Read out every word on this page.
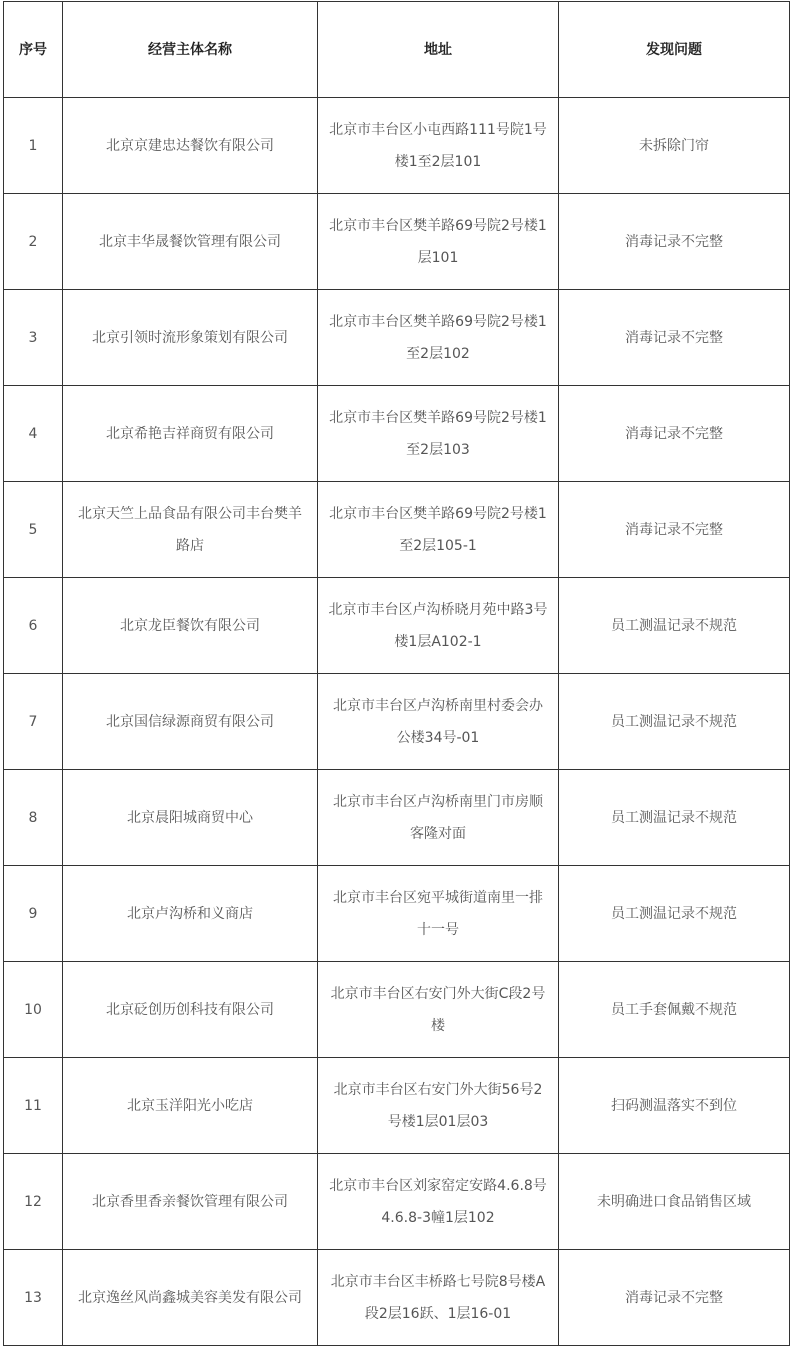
序号	经营主体名称	地址	发现问题
1	北京京建忠达餐饮有限公司	北京市丰台区小屯西路111号院1号楼1至2层101	未拆除门帘
2	北京丰华晟餐饮管理有限公司	北京市丰台区樊羊路69号院2号楼1层101	消毒记录不完整
3	北京引领时流形象策划有限公司	北京市丰台区樊羊路69号院2号楼1至2层102	消毒记录不完整
4	北京希艳吉祥商贸有限公司	北京市丰台区樊羊路69号院2号楼1至2层103	消毒记录不完整
5	北京天竺上品食品有限公司丰台樊羊路店	北京市丰台区樊羊路69号院2号楼1至2层105-1	消毒记录不完整
6	北京龙臣餐饮有限公司	北京市丰台区卢沟桥晓月苑中路3号楼1层A102-1	员工测温记录不规范
7	北京国信绿源商贸有限公司	北京市丰台区卢沟桥南里村委会办公楼34号-01	员工测温记录不规范
8	北京晨阳城商贸中心	北京市丰台区卢沟桥南里门市房顺客隆对面	员工测温记录不规范
9	北京卢沟桥和义商店	北京市丰台区宛平城街道南里一排十一号	员工测温记录不规范
10	北京砭创历创科技有限公司	北京市丰台区右安门外大街C段2号楼	员工手套佩戴不规范
11	北京玉洋阳光小吃店	北京市丰台区右安门外大街56号2号楼1层01层03	扫码测温落实不到位
12	北京香里香亲餐饮管理有限公司	北京市丰台区刘家窑定安路4.6.8号4.6.8-3幢1层102	未明确进口食品销售区域
13	北京逸丝风尚鑫城美容美发有限公司	北京市丰台区丰桥路七号院8号楼A段2层16跃、1层16-01	消毒记录不完整
